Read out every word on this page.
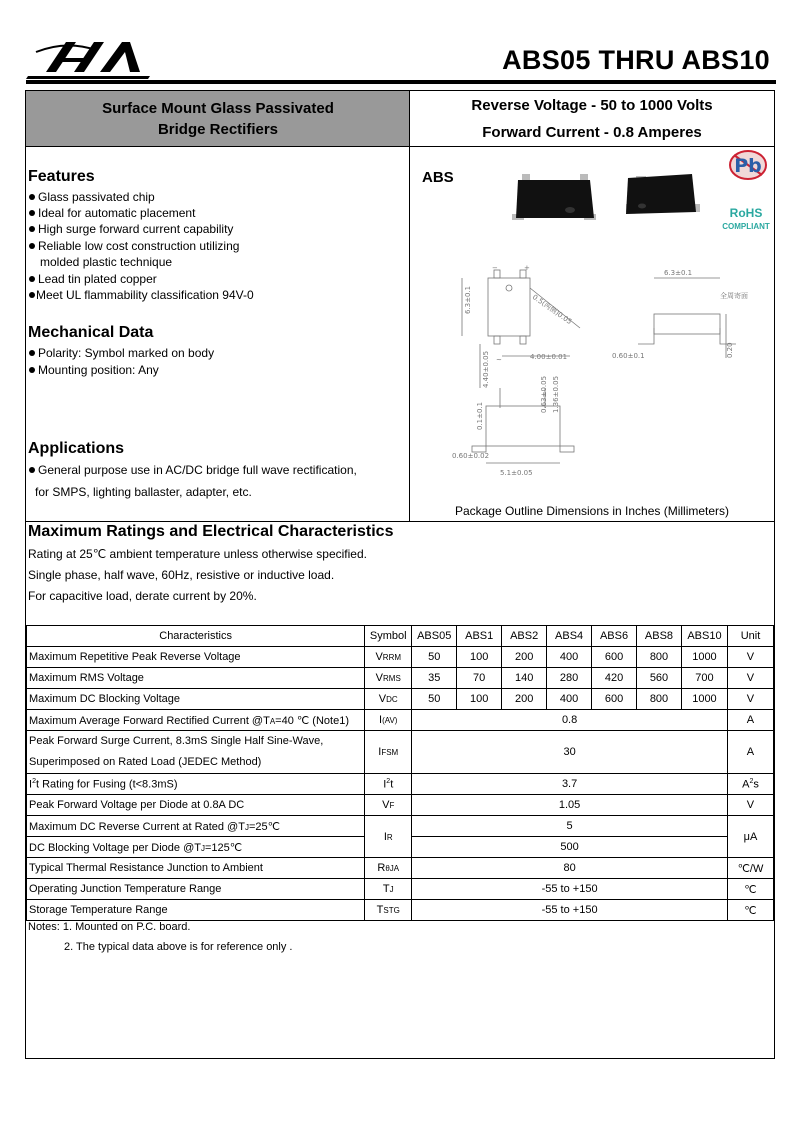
ABS05 THRU ABS10
Surface Mount Glass Passivated
Bridge Rectifiers
Reverse Voltage - 50 to 1000 Volts
Forward Current - 0.8 Amperes
Features
Glass passivated chip
Ideal for automatic placement
High surge forward current capability
Reliable low cost construction utilizing
molded plastic technique
Lead tin plated copper
Meet UL flammability classification 94V-0
Mechanical Data
Polarity: Symbol marked on body
Mounting position: Any
Applications
General purpose use in AC/DC bridge full wave rectification,
for SMPS, lighting ballaster, adapter, etc.
ABS
Pb
RoHS
COMPLIANT
6.3±0.1
4.00±0.01
4.40±0.05
0.5(两侧)0.05
0.63±0.05 1.36±0.05
0.1±0.1
0.60±0.02
5.1±0.05
6.3±0.1
0.60±0.1	0.20
全周寄面
−	+
~
Package Outline Dimensions in Inches (Millimeters)
Maximum Ratings and Electrical Characteristics
Rating at 25℃ ambient temperature unless otherwise specified.
Single phase, half wave, 60Hz, resistive or inductive load.
For capacitive load, derate current by 20%.
Characteristics	Symbol	ABS05	ABS1	ABS2	ABS4	ABS6	ABS8	ABS10	Unit
Maximum Repetitive Peak Reverse Voltage	VRRM	50	100	200	400	600	800	1000	V
Maximum RMS Voltage	VRMS	35	70	140	280	420	560	700	V
Maximum DC Blocking Voltage	VDC	50	100	200	400	600	800	1000	V
Maximum Average Forward Rectified Current @TA=40 ℃ (Note1)	I(AV)	0.8							A

Peak Forward Surge Current, 8.3mS Single Half Sine-Wave,
Superimposed on Rated Load (JEDEC Method)	IFSM	30							A
$I^2t$ Rating for Fusing (t<8.3mS)	$I^2t$	3.7							$A^2s$
Peak Forward Voltage per Diode at 0.8A DC	VF	1.05							V
Maximum DC Reverse Current at Rated @TJ=25℃	IR	5							μA
DC Blocking Voltage per Diode @TJ=125℃		500							
Typical Thermal Resistance Junction to Ambient	RθJA	80							℃/W
Operating Junction Temperature Range	TJ	-55 to +150							℃
Storage Temperature Range	TSTG	-55 to +150							℃
Notes: 1. Mounted on P.C. board.
2. The typical data above is for reference only .
